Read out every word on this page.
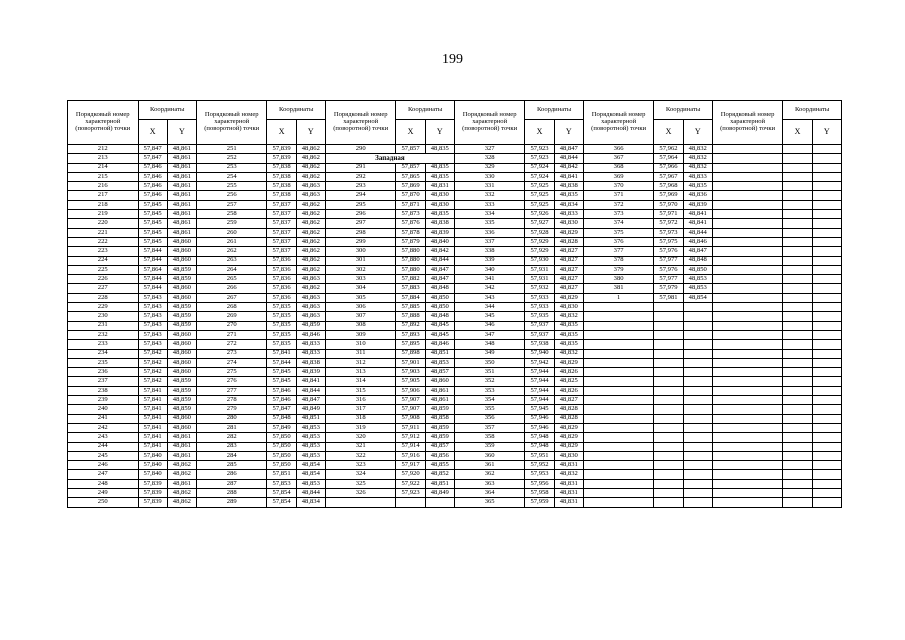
199
Порядковый номер характерной (поворотной) точки	Координаты		Порядковый номер характерной (поворотной) точки	Координаты		Порядковый номер характерной (поворотной) точки	Координаты		Порядковый номер характерной (поворотной) точки	Координаты		Порядковый номер характерной (поворотной) точки	Координаты		Порядковый номер характерной (поворотной) точки	Координаты	
	X	Y		X	Y		X	Y		X	Y		X	Y		X	Y
212	57,847	48,861	251	57,839	48,862	290	57,857	48,835	327	57,923	48,847	366	57,962	48,832			
213	57,847	48,861	252	57,839	48,862	Западная			328	57,923	48,844	367	57,964	48,832			
214	57,846	48,861	253	57,838	48,862	291	57,857	48,835	329	57,924	48,842	368	57,966	48,832			
215	57,846	48,861	254	57,838	48,862	292	57,865	48,835	330	57,924	48,841	369	57,967	48,833			
216	57,846	48,861	255	57,838	48,863	293	57,869	48,831	331	57,925	48,838	370	57,968	48,835			
217	57,846	48,861	256	57,838	48,863	294	57,870	48,830	332	57,925	48,835	371	57,969	48,836			
218	57,845	48,861	257	57,837	48,862	295	57,871	48,830	333	57,925	48,834	372	57,970	48,839			
219	57,845	48,861	258	57,837	48,862	296	57,873	48,835	334	57,926	48,833	373	57,971	48,841			
220	57,845	48,861	259	57,837	48,862	297	57,876	48,838	335	57,927	48,830	374	57,972	48,841			
221	57,845	48,861	260	57,837	48,862	298	57,878	48,839	336	57,928	48,829	375	57,973	48,844			
222	57,845	48,860	261	57,837	48,862	299	57,879	48,840	337	57,929	48,828	376	57,975	48,846			
223	57,844	48,860	262	57,837	48,862	300	57,880	48,842	338	57,929	48,827	377	57,976	48,847			
224	57,844	48,860	263	57,836	48,862	301	57,880	48,844	339	57,930	48,827	378	57,977	48,848			
225	57,864	48,859	264	57,836	48,862	302	57,880	48,847	340	57,931	48,827	379	57,976	48,850			
226	57,844	48,859	265	57,836	48,863	303	57,882	48,847	341	57,931	48,827	380	57,977	48,853			
227	57,844	48,860	266	57,836	48,862	304	57,883	48,848	342	57,932	48,827	381	57,979	48,853			
228	57,843	48,860	267	57,836	48,863	305	57,884	48,850	343	57,933	48,829	1	57,981	48,854			
229	57,843	48,859	268	57,835	48,863	306	57,885	48,850	344	57,933	48,830						
230	57,843	48,859	269	57,835	48,863	307	57,888	48,848	345	57,935	48,832						
231	57,843	48,859	270	57,835	48,859	308	57,892	48,845	346	57,937	48,835						
232	57,843	48,860	271	57,835	48,846	309	57,893	48,845	347	57,937	48,835						
233	57,843	48,860	272	57,835	48,833	310	57,895	48,846	348	57,938	48,835						
234	57,842	48,860	273	57,841	48,833	311	57,898	48,851	349	57,940	48,832						
235	57,842	48,860	274	57,844	48,838	312	57,901	48,853	350	57,942	48,829						
236	57,842	48,860	275	57,845	48,839	313	57,903	48,857	351	57,944	48,826						
237	57,842	48,859	276	57,845	48,841	314	57,905	48,860	352	57,944	48,825						
238	57,841	48,859	277	57,846	48,844	315	57,906	48,861	353	57,944	48,826						
239	57,841	48,859	278	57,846	48,847	316	57,907	48,861	354	57,944	48,827						
240	57,841	48,859	279	57,847	48,849	317	57,907	48,859	355	57,945	48,828						
241	57,841	48,860	280	57,848	48,851	318	57,908	48,858	356	57,946	48,828						
242	57,841	48,860	281	57,849	48,853	319	57,911	48,859	357	57,946	48,829						
243	57,841	48,861	282	57,850	48,853	320	57,912	48,859	358	57,948	48,829						
244	57,841	48,861	283	57,850	48,853	321	57,914	48,857	359	57,948	48,829						
245	57,840	48,861	284	57,850	48,853	322	57,916	48,856	360	57,951	48,830						
246	57,840	48,862	285	57,850	48,854	323	57,917	48,855	361	57,952	48,831						
247	57,840	48,862	286	57,851	48,854	324	57,920	48,852	362	57,953	48,832						
248	57,839	48,861	287	57,853	48,853	325	57,922	48,851	363	57,956	48,831						
249	57,839	48,862	288	57,854	48,844	326	57,923	48,849	364	57,958	48,831						
250	57,839	48,862	289	57,854	48,834				365	57,959	48,831						
